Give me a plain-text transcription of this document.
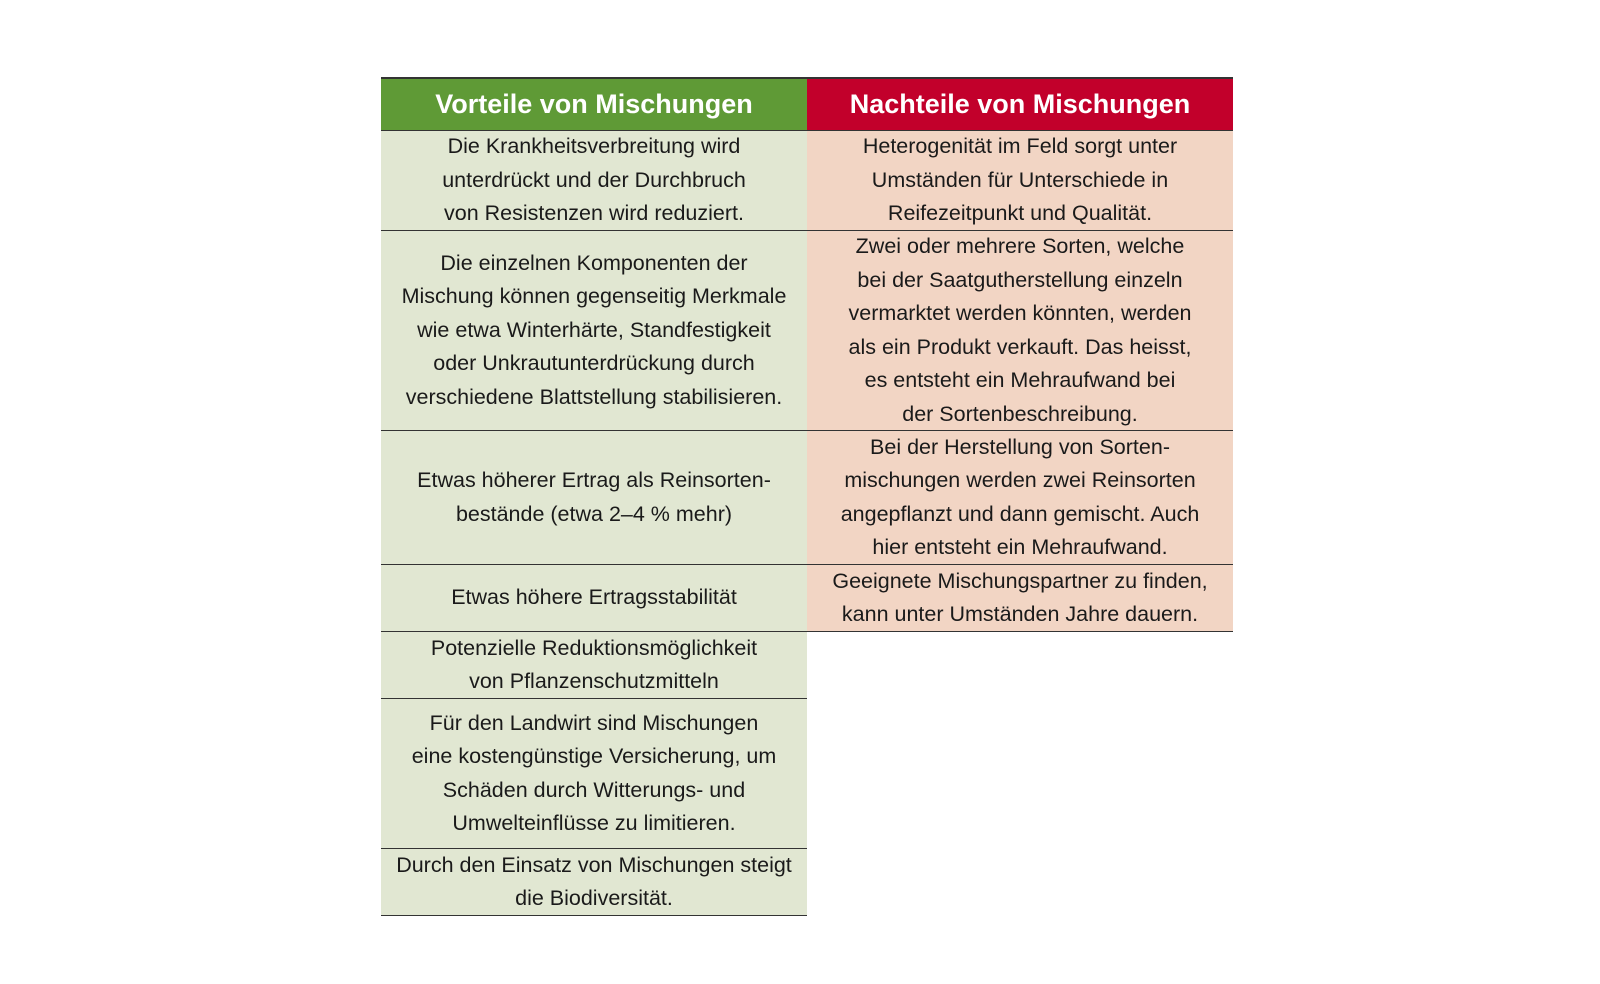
Vorteile von Mischungen
Die Krankheitsverbreitung wird
unterdrückt und der Durchbruch
von Resistenzen wird reduziert.
Die einzelnen Komponenten der
Mischung können gegenseitig Merkmale
wie etwa Winterhärte, Standfestigkeit
oder Unkrautunterdrückung durch
verschiedene Blattstellung stabilisieren.
Etwas höherer Ertrag als Reinsorten-
bestände (etwa 2–4 % mehr)
Etwas höhere Ertragsstabilität
Potenzielle Reduktionsmöglichkeit
von Pflanzenschutzmitteln
Für den Landwirt sind Mischungen
eine kostengünstige Versicherung, um
Schäden durch Witterungs- und
Umwelteinflüsse zu limitieren.
Durch den Einsatz von Mischungen steigt
die Biodiversität.
Nachteile von Mischungen
Heterogenität im Feld sorgt unter
Umständen für Unterschiede in
Reifezeitpunkt und Qualität.
Zwei oder mehrere Sorten, welche
bei der Saatgutherstellung einzeln
vermarktet werden könnten, werden
als ein Produkt verkauft. Das heisst,
es entsteht ein Mehraufwand bei
der Sortenbeschreibung.
Bei der Herstellung von Sorten-
mischungen werden zwei Reinsorten
angepflanzt und dann gemischt. Auch
hier entsteht ein Mehraufwand.
Geeignete Mischungspartner zu finden,
kann unter Umständen Jahre dauern.
